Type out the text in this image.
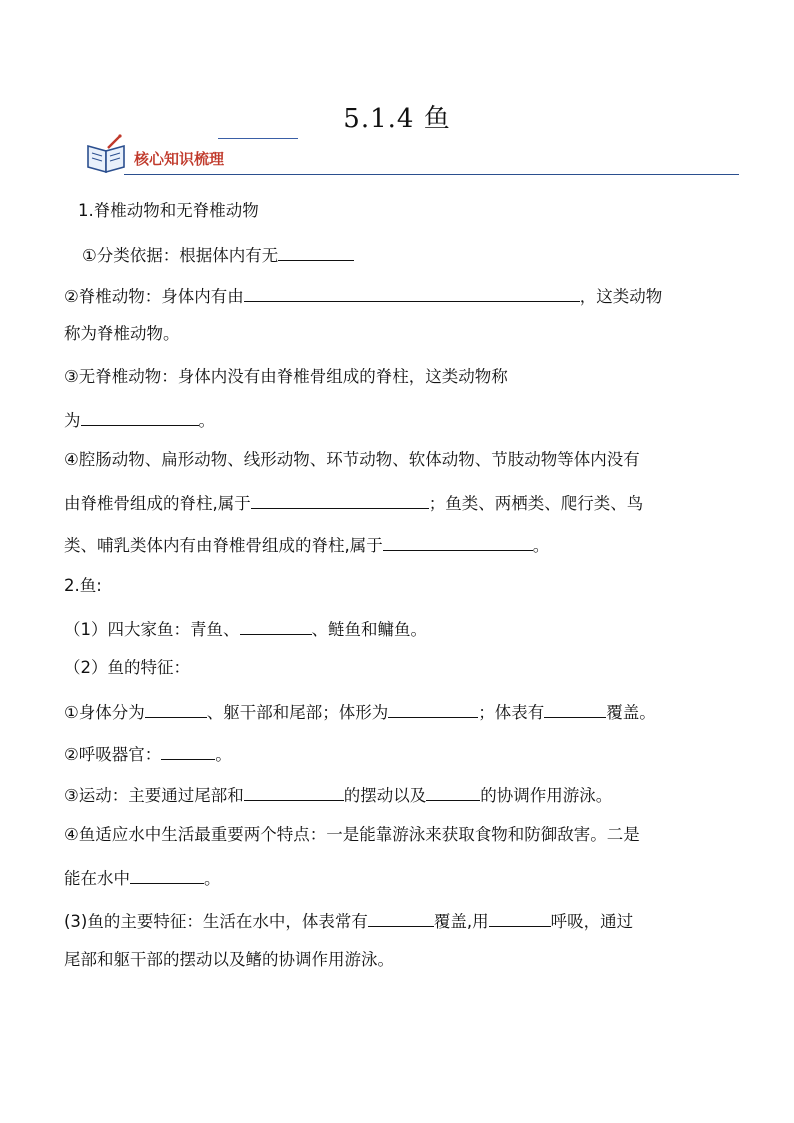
5.1.4 鱼
核心知识梳理
1.脊椎动物和无脊椎动物
①分类依据：根据体内有无
②脊椎动物：身体内有由	，这类动物
称为脊椎动物。
③无脊椎动物：身体内没有由脊椎骨组成的脊柱，这类动物称
为	。
④腔肠动物、扁形动物、线形动物、环节动物、软体动物、节肢动物等体内没有
由脊椎骨组成的脊柱,属于	；鱼类、两栖类、爬行类、鸟
类、哺乳类体内有由脊椎骨组成的脊柱,属于	。
2.鱼:
（1）四大家鱼：青鱼、	、鲢鱼和鳙鱼。
（2）鱼的特征：
①身体分为	、躯干部和尾部；体形为	；体表有	覆盖。
②呼吸器官：	。
③运动：主要通过尾部和	的摆动以及	的协调作用游泳。
④鱼适应水中生活最重要两个特点：一是能靠游泳来获取食物和防御敌害。二是
能在水中	。
(3)鱼的主要特征：生活在水中，体表常有	覆盖,用	呼吸，通过
尾部和躯干部的摆动以及鳍的协调作用游泳。
